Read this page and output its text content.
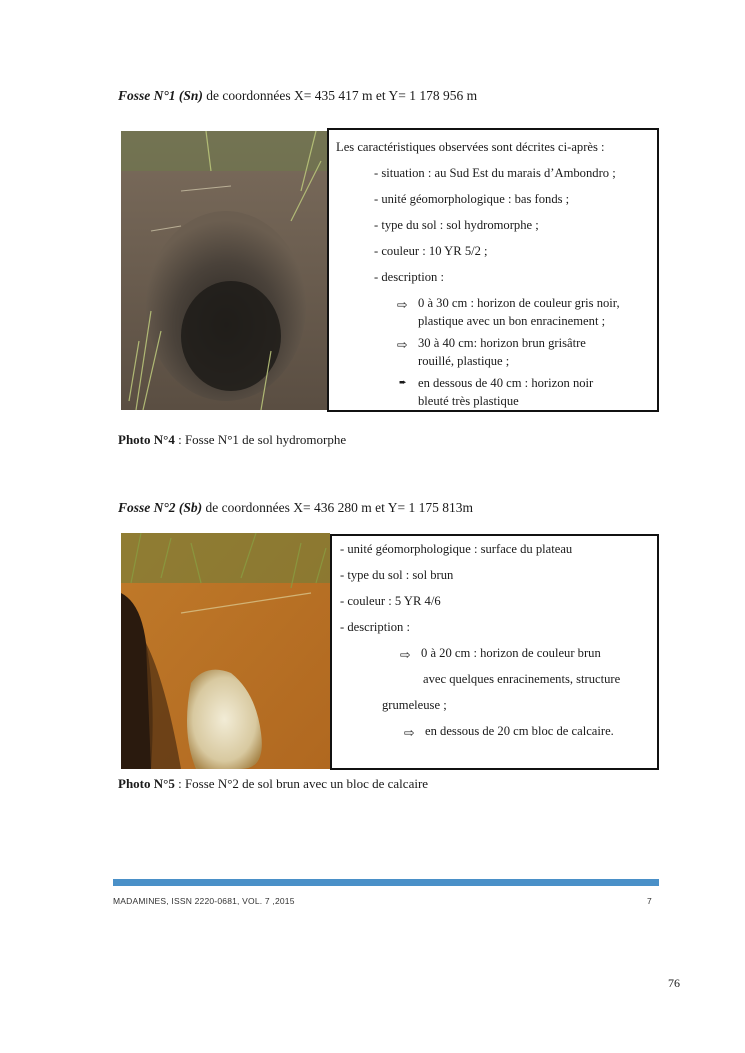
Fosse N°1 (Sn) de coordonnées X= 435 417 m et Y= 1 178 956 m
Les caractéristiques observées sont décrites ci-après :
- situation : au Sud Est du marais d’Ambondro ;
- unité géomorphologique : bas fonds ;
- type du sol : sol hydromorphe ;
- couleur : 10 YR 5/2 ;
- description :
⇨ 0 à 30 cm : horizon de couleur gris noir,
plastique avec un bon enracinement ;
⇨ 30 à 40 cm: horizon brun grisâtre
rouillé, plastique ;
➨ en dessous de 40 cm : horizon noir
bleuté très plastique
Photo N°4 : Fosse N°1 de sol hydromorphe
Fosse N°2 (Sb) de coordonnées X= 436 280 m et Y= 1 175 813m
- unité géomorphologique : surface du plateau
- type du sol : sol brun
- couleur : 5 YR 4/6
- description :
⇨ 0 à 20 cm : horizon de couleur brun
avec quelques enracinements, structure
grumeleuse ;
⇨ en dessous de 20 cm bloc de calcaire.
Photo N°5 : Fosse N°2 de sol brun avec un bloc de calcaire
MADAMINES, ISSN 2220-0681, VOL. 7 ,2015	7
76
